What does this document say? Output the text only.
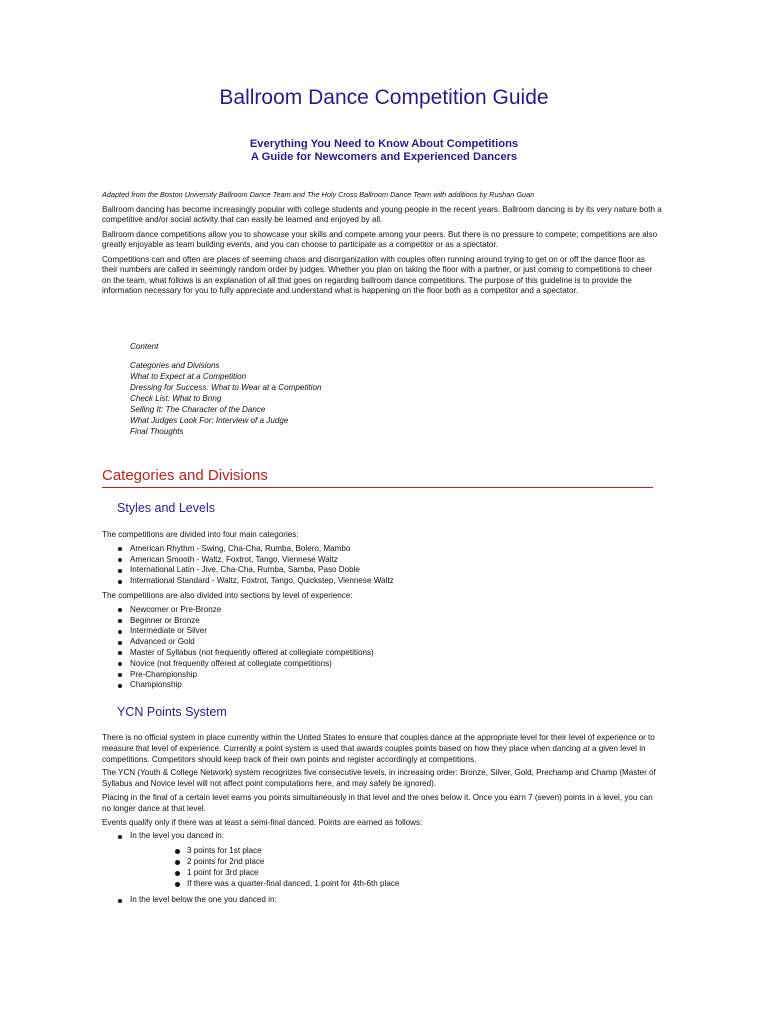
Ballroom Dance Competition Guide
Everything You Need to Know About Competitions
A Guide for Newcomers and Experienced Dancers

Adapted from the Boston University Ballroom Dance Team and The Holy Cross Ballroom Dance Team with additions by Rushan Guan

Ballroom dancing has become increasingly popular with college students and young people in the recent years. Ballroom dancing is by its very nature both a competitive and/or social activity that can easily be learned and enjoyed by all.

Ballroom dance competitions allow you to showcase your skills and compete among your peers. But there is no pressure to compete; competitions are also greatly enjoyable as team building events, and you can choose to participate as a competitor or as a spectator.

Competitions can and often are places of seeming chaos and disorganization with couples often running around trying to get on or off the dance floor as their numbers are called in seemingly random order by judges. Whether you plan on taking the floor with a partner, or just coming to competitions to cheer on the team, what follows is an explanation of all that goes on regarding ballroom dance competitions. The purpose of this guideline is to provide the information necessary for you to fully appreciate and understand what is happening on the floor both as a competitor and a spectator.

Content
Categories and Divisions
What to Expect at a Competition
Dressing for Success: What to Wear at a Competition
Check List: What to Bring
Selling It: The Character of the Dance
What Judges Look For: Interview of a Judge
Final Thoughts
Categories and Divisions
Styles and Levels

The competitions are divided into four main categories:

American Rhythm - Swing, Cha-Cha, Rumba, Bolero, Mambo
American Smooth - Waltz, Foxtrot, Tango, Viennese Waltz
International Latin - Jive, Cha-Cha, Rumba, Samba, Paso Doble
International Standard - Waltz, Foxtrot, Tango, Quickstep, Viennese Waltz

The competitions are also divided into sections by level of experience:

Newcomer or Pre-Bronze
Beginner or Bronze
Intermediate or Silver
Advanced or Gold
Master of Syllabus (not frequently offered at collegiate competitions)
Novice (not frequently offered at collegiate competitions)
Pre-Championship
Championship
YCN Points System

There is no official system in place currently within the United States to ensure that couples dance at the appropriate level for their level of experience or to measure that level of experience. Currently a point system is used that awards couples points based on how they place when dancing at a given level in competitions. Competitors should keep track of their own points and register accordingly at competitions.

The YCN (Youth & College Network) system recognizes five consecutive levels, in increasing order: Bronze, Silver, Gold, Prechamp and Champ (Master of Syllabus and Novice level will not affect point computations here, and may safely be ignored).

Placing in the final of a certain level earns you points simultaneously in that level and the ones below it. Once you earn 7 (seven) points in a level, you can no longer dance at that level.

Events qualify only if there was at least a semi-final danced. Points are earned as follows:

In the level you danced in:
3 points for 1st place
2 points for 2nd place
1 point for 3rd place
If there was a quarter-final danced, 1 point for 4th-6th place
In the level below the one you danced in:
